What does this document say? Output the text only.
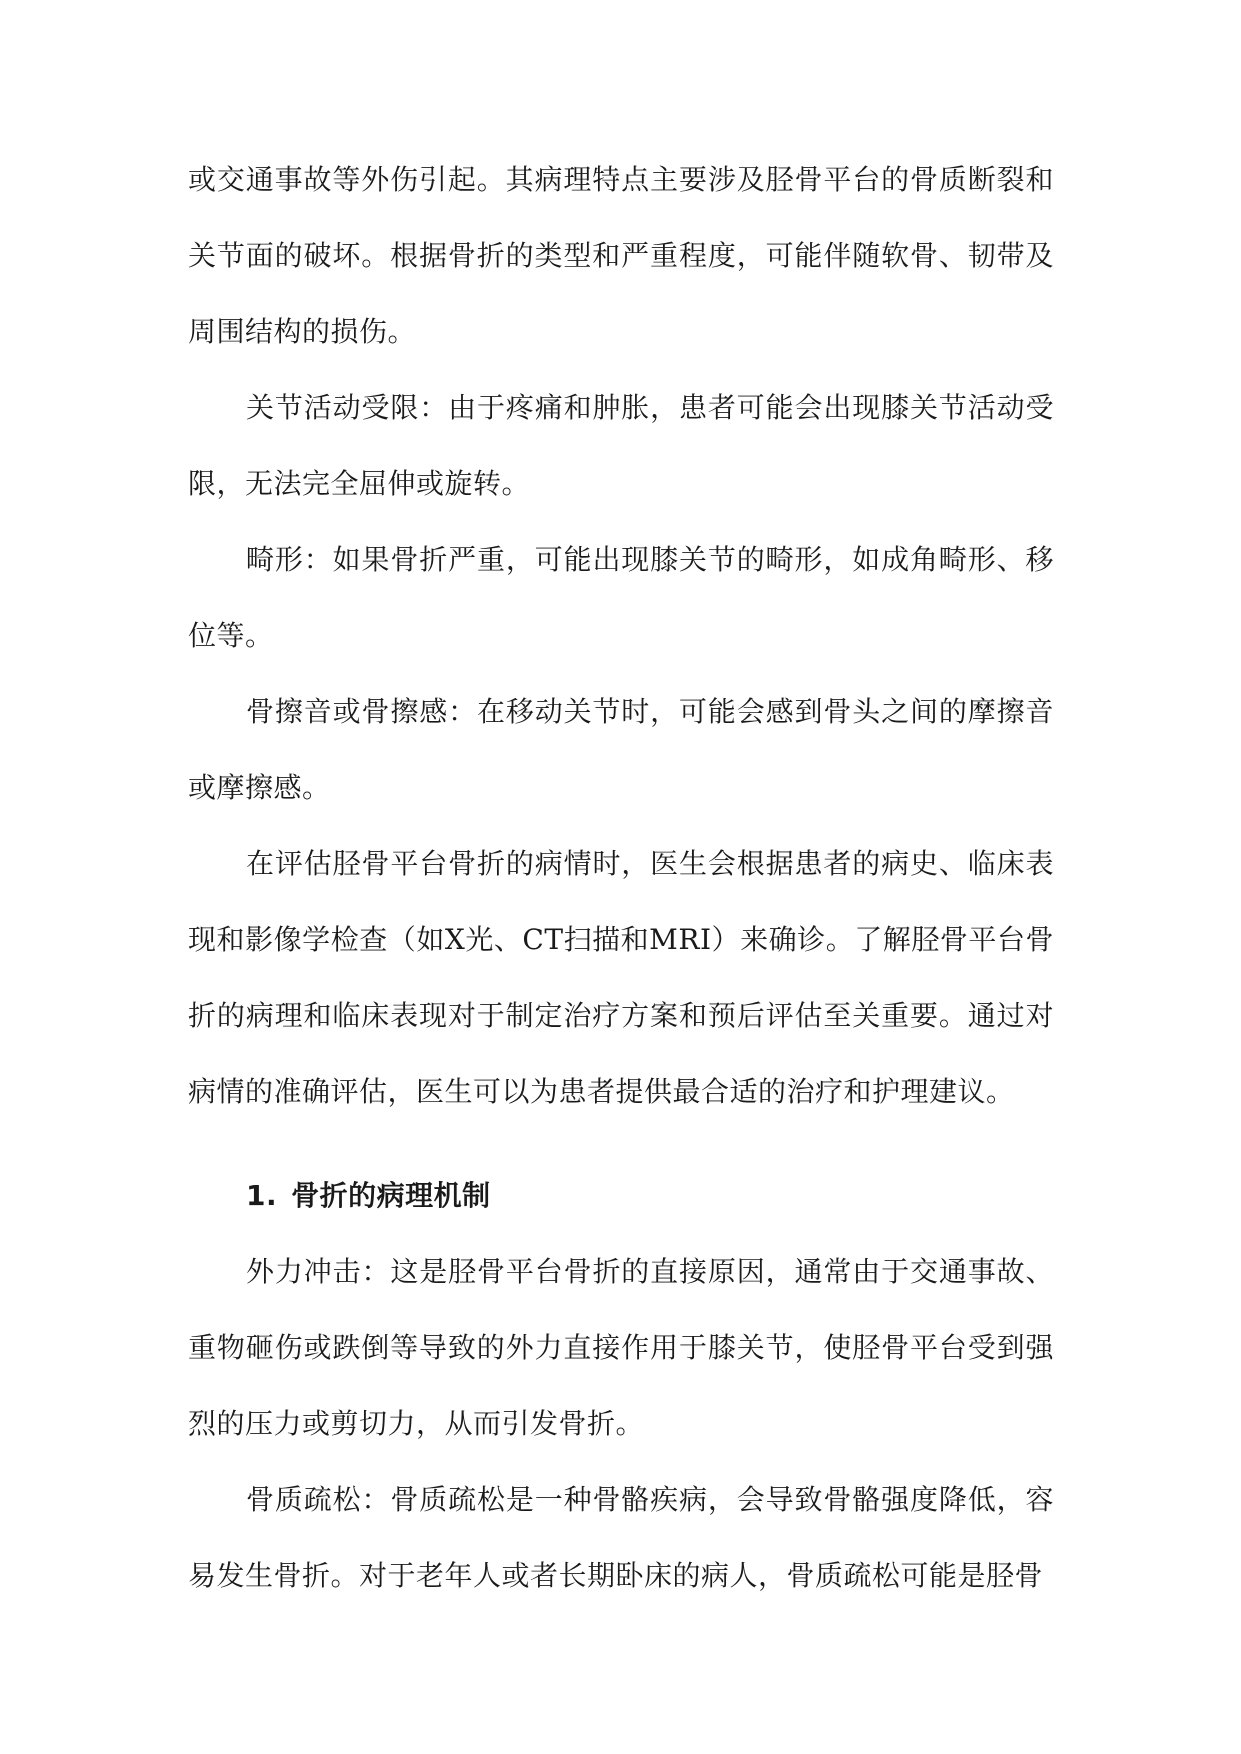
或交通事故等外伤引起。其病理特点主要涉及胫骨平台的骨质断裂和关节面的破坏。根据骨折的类型和严重程度，可能伴随软骨、韧带及周围结构的损伤。

关节活动受限：由于疼痛和肿胀，患者可能会出现膝关节活动受限，无法完全屈伸或旋转。

畸形：如果骨折严重，可能出现膝关节的畸形，如成角畸形、移位等。

骨擦音或骨擦感：在移动关节时，可能会感到骨头之间的摩擦音或摩擦感。

在评估胫骨平台骨折的病情时，医生会根据患者的病史、临床表现和影像学检查（如X光、CT扫描和MRI）来确诊。了解胫骨平台骨折的病理和临床表现对于制定治疗方案和预后评估至关重要。通过对病情的准确评估，医生可以为患者提供最合适的治疗和护理建议。

1. 骨折的病理机制

外力冲击：这是胫骨平台骨折的直接原因，通常由于交通事故、重物砸伤或跌倒等导致的外力直接作用于膝关节，使胫骨平台受到强烈的压力或剪切力，从而引发骨折。

骨质疏松：骨质疏松是一种骨骼疾病，会导致骨骼强度降低，容易发生骨折。对于老年人或者长期卧床的病人，骨质疏松可能是胫骨
